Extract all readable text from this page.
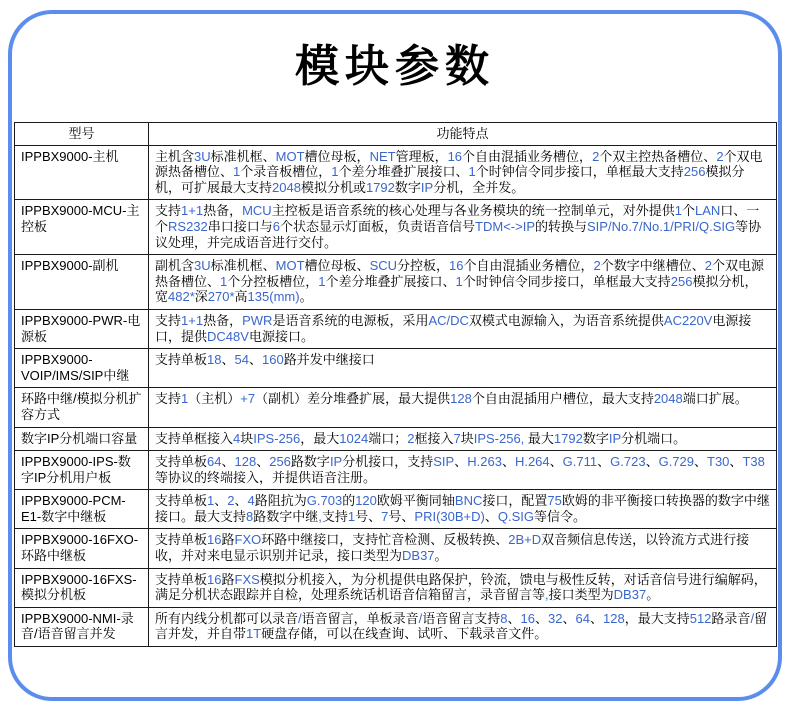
模块参数
型号	功能特点
IPPBX9000-主机	主机含3U标准机框、MOT槽位母板，NET管理板，16个自由混插业务槽位，2个双主控热备槽位、2个双电源热备槽位、1个录音板槽位，1个差分堆叠扩展接口、1个时钟信令同步接口，单框最大支持256模拟分机，可扩展最大支持2048模拟分机或1792数字IP分机，全并发。
IPPBX9000-MCU-主控板	支持1+1热备，MCU主控板是语音系统的核心处理与各业务模块的统一控制单元，对外提供1个LAN口、一个RS232串口接口与6个状态显示灯面板，负责语音信号TDM<->IP的转换与SIP/No.7/No.1/PRI/Q.SIG等协议处理，并完成语音进行交付。
IPPBX9000-副机	副机含3U标准机框、MOT槽位母板、SCU分控板，16个自由混插业务槽位，2个数字中继槽位、2个双电源热备槽位、1个分控板槽位，1个差分堆叠扩展接口、1个时钟信令同步接口，单框最大支持256模拟分机，宽482*深270*高135(mm)。
IPPBX9000-PWR-电源板	支持1+1热备，PWR是语音系统的电源板，采用AC/DC双模式电源输入，为语音系统提供AC220V电源接口，提供DC48V电源接口。
IPPBX9000-VOIP/IMS/SIP中继	支持单板18、54、160路并发中继接口
环路中继/模拟分机扩容方式	支持1（主机）+7（副机）差分堆叠扩展，最大提供128个自由混插用户槽位，最大支持2048端口扩展。
数字IP分机端口容量	支持单框接入4块IPS-256，最大1024端口；2框接入7块IPS-256, 最大1792数字IP分机端口。
IPPBX9000-IPS-数字IP分机用户板	支持单板64、128、256路数字IP分机接口，支持SIP、H.263、H.264、G.711、G.723、G.729、T30、T38等协议的终端接入，并提供语音注册。
IPPBX9000-PCM-E1-数字中继板	支持单板1、2、4路阻抗为G.703的120欧姆平衡同轴BNC接口，配置75欧姆的非平衡接口转换器的数字中继接口。最大支持8路数字中继,支持1号、7号、PRI(30B+D)、Q.SIG等信令。
IPPBX9000-16FXO-环路中继板	支持单板16路FXO环路中继接口，支持忙音检测、反极转换、2B+D双音频信息传送，以铃流方式进行接收，并对来电显示识别并记录，接口类型为DB37。
IPPBX9000-16FXS-模拟分机板	支持单板16路FXS模拟分机接入，为分机提供电路保护，铃流，馈电与极性反转，对话音信号进行编解码，满足分机状态跟踪并自检，处理系统话机语音信箱留言，录音留言等,接口类型为DB37。
IPPBX9000-NMI-录音/语音留言并发	所有内线分机都可以录音/语音留言，单板录音/语音留言支持8、16、32、64、128，最大支持512路录音/留言并发，并自带1T硬盘存储，可以在线查询、试听、下载录音文件。
